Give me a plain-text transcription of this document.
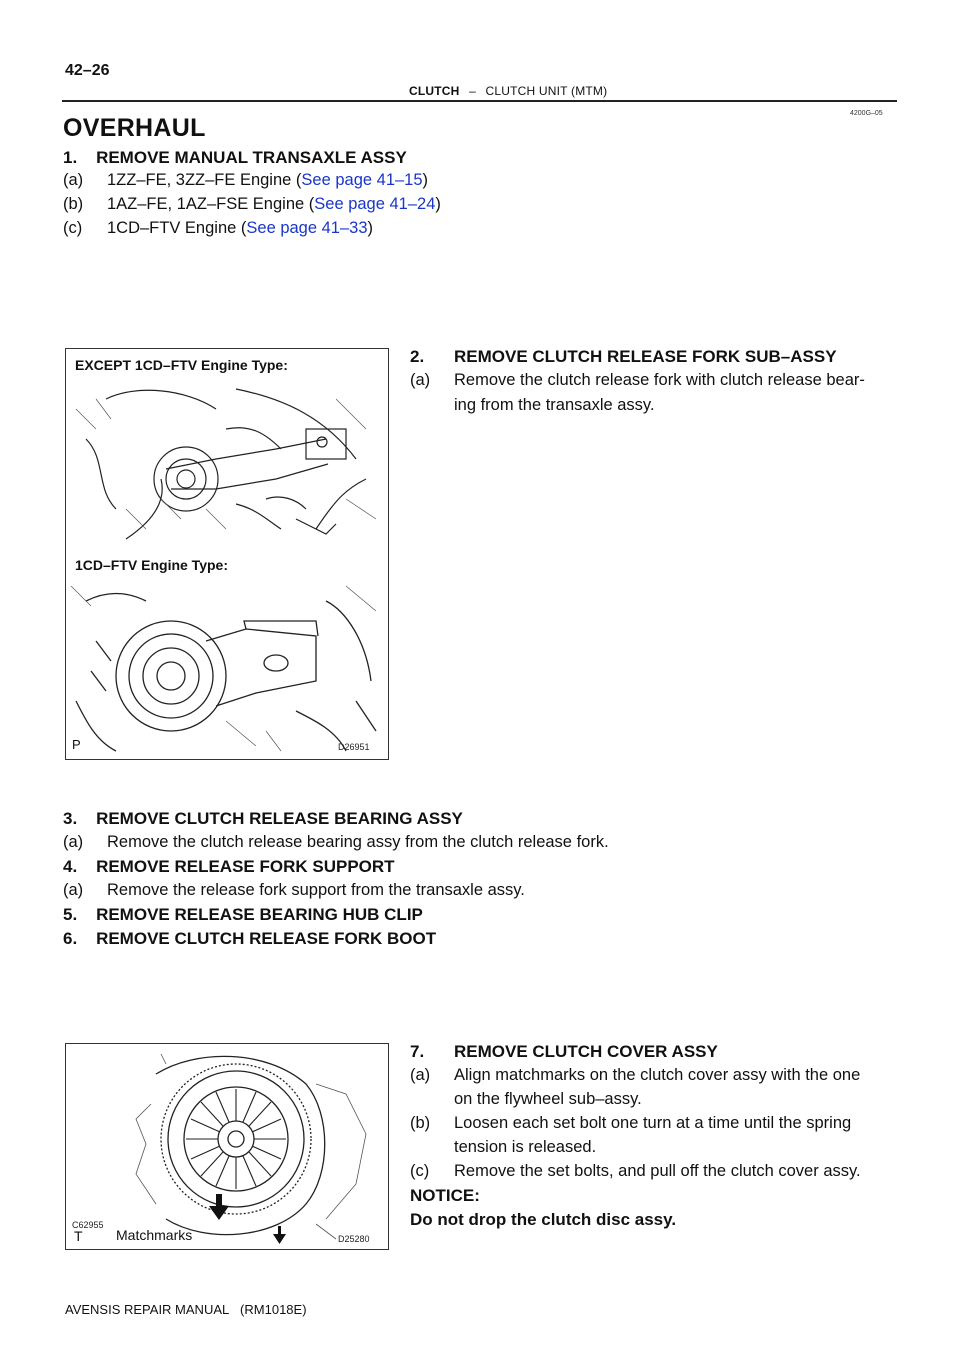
42–26
CLUTCH – CLUTCH UNIT (MTM)
4200G–05
OVERHAUL
1.    REMOVE MANUAL TRANSAXLE ASSY
(a) 1ZZ–FE, 3ZZ–FE Engine (See page 41–15)
(b) 1AZ–FE, 1AZ–FSE Engine (See page 41–24)
(c) 1CD–FTV Engine (See page 41–33)
EXCEPT 1CD–FTV Engine Type:
1CD–FTV Engine Type:
P	D26951
2. REMOVE CLUTCH RELEASE FORK SUB–ASSY
(a) Remove the clutch release fork with clutch release bear-
ing from the transaxle assy.
3.    REMOVE CLUTCH RELEASE BEARING ASSY
(a) Remove the clutch release bearing assy from the clutch release fork.
4.    REMOVE RELEASE FORK SUPPORT
(a) Remove the release fork support from the transaxle assy.
5.    REMOVE RELEASE BEARING HUB CLIP
6.    REMOVE CLUTCH RELEASE FORK BOOT
C62955
T Matchmarks	D25280
7. REMOVE CLUTCH COVER ASSY
(a) Align matchmarks on the clutch cover assy with the one
on the flywheel sub–assy.
(b) Loosen each set bolt one turn at a time until the spring
tension is released.
(c) Remove the set bolts, and pull off the clutch cover assy.
NOTICE:
Do not drop the clutch disc assy.
AVENSIS REPAIR MANUAL   (RM1018E)
